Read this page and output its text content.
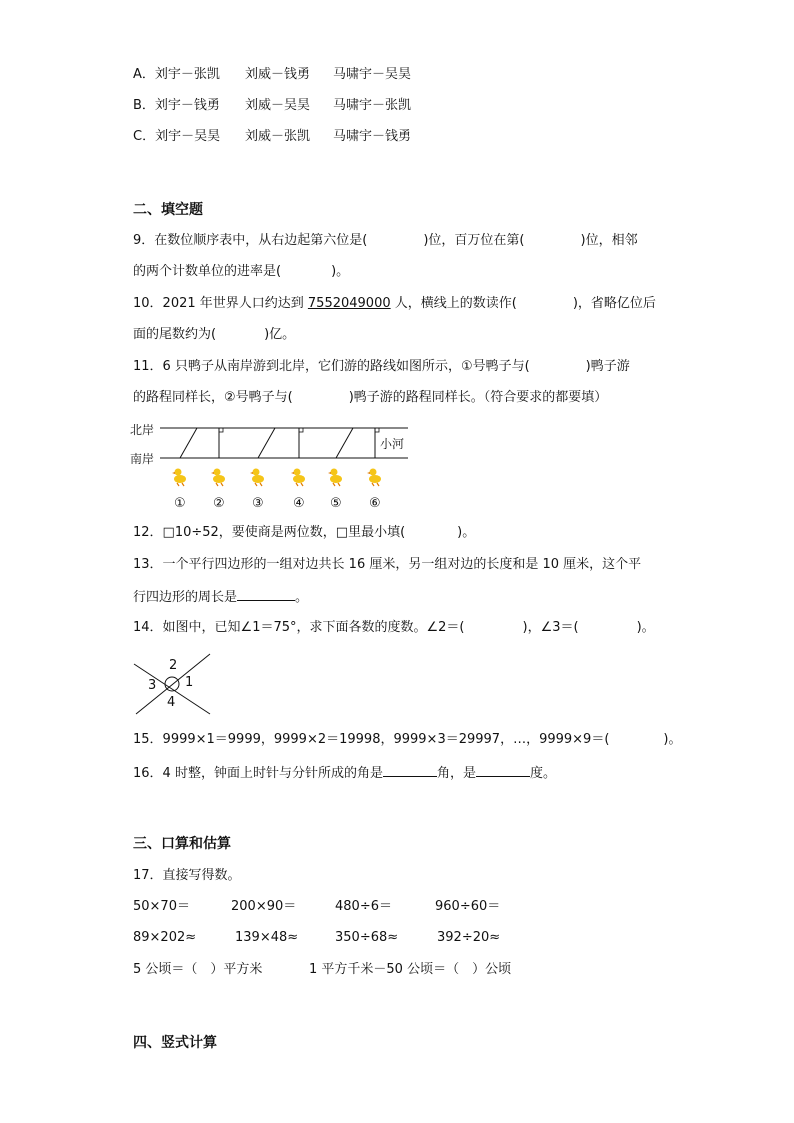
A．刘宇－张凯 刘威－钱勇 马啸宇－吴昊
B．刘宇－钱勇 刘威－吴昊 马啸宇－张凯
C．刘宇－吴昊 刘威－张凯 马啸宇－钱勇
二、填空题
9．在数位顺序表中，从右边起第六位是(	)位，百万位在第(	)位，相邻
的两个计数单位的进率是(	)。
10．2021 年世界人口约达到 7552049000 人，横线上的数读作(	)，省略亿位后
面的尾数约为(	)亿。
11．6 只鸭子从南岸游到北岸，它们游的路线如图所示，①号鸭子与(	)鸭子游
的路程同样长，②号鸭子与(	)鸭子游的路程同样长。（符合要求的都要填）
北岸
南岸
小河
① ② ③ ④ ⑤ ⑥
12．□10÷52，要使商是两位数，□里最小填(	)。
13．一个平行四边形的一组对边共长 16 厘米，另一组对边的长度和是 10 厘米，这个平
行四边形的周长是	。
14．如图中，已知∠1＝75°，求下面各数的度数。∠2＝(	)，∠3＝(	)。
2
3 1
4
15．9999×1＝9999，9999×2＝19998，9999×3＝29997，…，9999×9＝(	)。
16．4 时整，钟面上时针与分针所成的角是	角，是	度。
三、口算和估算
17．直接写得数。
50×70＝	200×90＝	480÷6＝	960÷60＝
89×202≈	139×48≈	350÷68≈	392÷20≈
5 公顷＝（　）平方米	1 平方千米－50 公顷＝（　）公顷
四、竖式计算
